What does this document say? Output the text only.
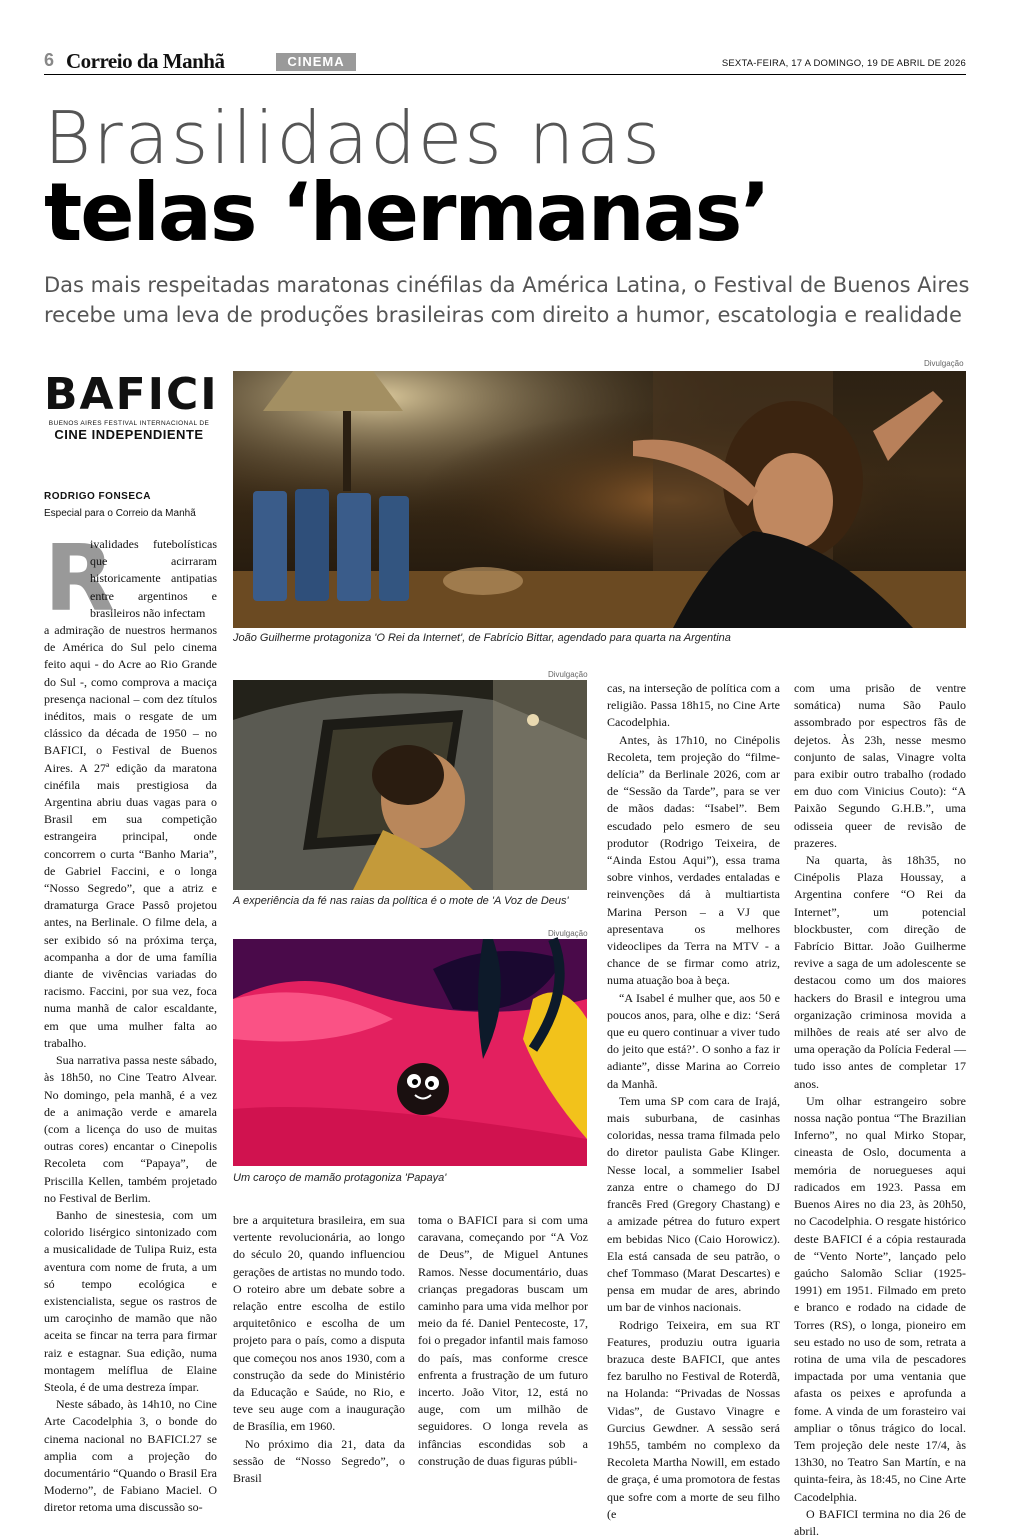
6 Correio da Manhã	CINEMA	SEXTA-FEIRA, 17 A DOMINGO, 19 DE ABRIL DE 2026
Brasilidades nas
telas ‘hermanas’
Das mais respeitadas maratonas cinéfilas da América Latina, o Festival de Buenos Aires recebe uma leva de produções brasileiras com direito a humor, escatologia e realidade
BAFICI
BUENOS AIRES FESTIVAL INTERNACIONAL DE
CINE INDEPENDIENTE
RODRIGO FONSECA
Especial para o Correio da Manhã
Divulgação
João Guilherme protagoniza 'O Rei da Internet', de Fabrício Bittar, agendado para quarta na Argentina
Divulgação
A experiência da fé nas raias da política é o mote de 'A Voz de Deus'
Divulgação
Um caroço de mamão protagoniza 'Papaya'
R
ivalidades futebolísticas que acirraram historicamente antipatias entre argentinos e brasileiros não infectam

a admiração de nuestros hermanos de América do Sul pelo cinema feito aqui - do Acre ao Rio Grande do Sul -, como comprova a maciça presença nacional – com dez títulos inéditos, mais o resgate de um clássico da década de 1950 – no BAFICI, o Festival de Buenos Aires. A 27ª edição da maratona cinéfila mais prestigiosa da Argentina abriu duas vagas para o Brasil em sua competição estrangeira principal, onde concorrem o curta “Banho Maria”, de Gabriel Faccini, e o longa “Nosso Segredo”, que a atriz e dramaturga Grace Passô projetou antes, na Berlinale. O filme dela, a ser exibido só na próxima terça, acompanha a dor de uma família diante de vivências variadas do racismo. Faccini, por sua vez, foca numa manhã de calor escaldante, em que uma mulher falta ao trabalho.

Sua narrativa passa neste sábado, às 18h50, no Cine Teatro Alvear. No domingo, pela manhã, é a vez de a animação verde e amarela (com a licença do uso de muitas outras cores) encantar o Cinepolis Recoleta com “Papaya”, de Priscilla Kellen, também projetado no Festival de Berlim.

Banho de sinestesia, com um colorido lisérgico sintonizado com a musicalidade de Tulipa Ruiz, esta aventura com nome de fruta, a um só tempo ecológica e existencialista, segue os rastros de um caroçinho de mamão que não aceita se fincar na terra para firmar raiz e estagnar. Sua edição, numa montagem melíflua de Elaine Steola, é de uma destreza ímpar.

Neste sábado, às 14h10, no Cine Arte Cacodelphia 3, o bonde do cinema nacional no BAFICI.27 se amplia com a projeção do documentário “Quando o Brasil Era Moderno”, de Fabiano Maciel. O diretor retoma uma discussão so-

bre a arquitetura brasileira, em sua vertente revolucionária, ao longo do século 20, quando influenciou gerações de artistas no mundo todo. O roteiro abre um debate sobre a relação entre escolha de estilo arquitetônico e escolha de um projeto para o país, como a disputa que começou nos anos 1930, com a construção da sede do Ministério da Educação e Saúde, no Rio, e teve seu auge com a inauguração de Brasília, em 1960.

No próximo dia 21, data da sessão de “Nosso Segredo”, o Brasil

toma o BAFICI para si com uma caravana, começando por “A Voz de Deus”, de Miguel Antunes Ramos. Nesse documentário, duas crianças pregadoras buscam um caminho para uma vida melhor por meio da fé. Daniel Pentecoste, 17, foi o pregador infantil mais famoso do país, mas conforme cresce enfrenta a frustração de um futuro incerto. João Vitor, 12, está no auge, com um milhão de seguidores. O longa revela as infâncias escondidas sob a construção de duas figuras públi-

cas, na interseção de política com a religião. Passa 18h15, no Cine Arte Cacodelphia.

Antes, às 17h10, no Cinépolis Recoleta, tem projeção do “filme-delícia” da Berlinale 2026, com ar de “Sessão da Tarde”, para se ver de mãos dadas: “Isabel”. Bem escudado pelo esmero de seu produtor (Rodrigo Teixeira, de “Ainda Estou Aqui”), essa trama sobre vinhos, verdades entaladas e reinvenções dá à multiartista Marina Person – a VJ que apresentava os melhores videoclipes da Terra na MTV - a chance de se firmar como atriz, numa atuação boa à beça.

“A Isabel é mulher que, aos 50 e poucos anos, para, olhe e diz: ‘Será que eu quero continuar a viver tudo do jeito que está?’. O sonho a faz ir adiante”, disse Marina ao Correio da Manhã.

Tem uma SP com cara de Irajá, mais suburbana, de casinhas coloridas, nessa trama filmada pelo do diretor paulista Gabe Klinger. Nesse local, a sommelier Isabel zanza entre o chamego do DJ francês Fred (Gregory Chastang) e a amizade pétrea do futuro expert em bebidas Nico (Caio Horowicz). Ela está cansada de seu patrão, o chef Tommaso (Marat Descartes) e pensa em mudar de ares, abrindo um bar de vinhos nacionais.

Rodrigo Teixeira, em sua RT Features, produziu outra iguaria brazuca deste BAFICI, que antes fez barulho no Festival de Roterdã, na Holanda: “Privadas de Nossas Vidas”, de Gustavo Vinagre e Gurcius Gewdner. A sessão será 19h55, também no complexo da Recoleta Martha Nowill, em estado de graça, é uma promotora de festas que sofre com a morte de seu filho (e

com uma prisão de ventre somática) numa São Paulo assombrado por espectros fãs de dejetos. Às 23h, nesse mesmo conjunto de salas, Vinagre volta para exibir outro trabalho (rodado em duo com Vinicius Couto): “A Paixão Segundo G.H.B.”, uma odisseia queer de revisão de prazeres.

Na quarta, às 18h35, no Cinépolis Plaza Houssay, a Argentina confere “O Rei da Internet”, um potencial blockbuster, com direção de Fabrício Bittar. João Guilherme revive a saga de um adolescente se destacou como um dos maiores hackers do Brasil e integrou uma organização criminosa movida a milhões de reais até ser alvo de uma operação da Polícia Federal — tudo isso antes de completar 17 anos.

Um olhar estrangeiro sobre nossa nação pontua “The Brazilian Inferno”, no qual Mirko Stopar, cineasta de Oslo, documenta a memória de noruegueses aqui radicados em 1923. Passa em Buenos Aires no dia 23, às 20h50, no Cacodelphia. O resgate histórico deste BAFICI é a cópia restaurada de “Vento Norte”, lançado pelo gaúcho Salomão Scliar (1925-1991) em 1951. Filmado em preto e branco e rodado na cidade de Torres (RS), o longa, pioneiro em seu estado no uso de som, retrata a rotina de uma vila de pescadores impactada por uma ventania que afasta os peixes e aprofunda a fome. A vinda de um forasteiro vai ampliar o tônus trágico do local. Tem projeção dele neste 17/4, às 13h30, no Teatro San Martín, e na quinta-feira, às 18:45, no Cine Arte Cacodelphia.

O BAFICI termina no dia 26 de abril.
